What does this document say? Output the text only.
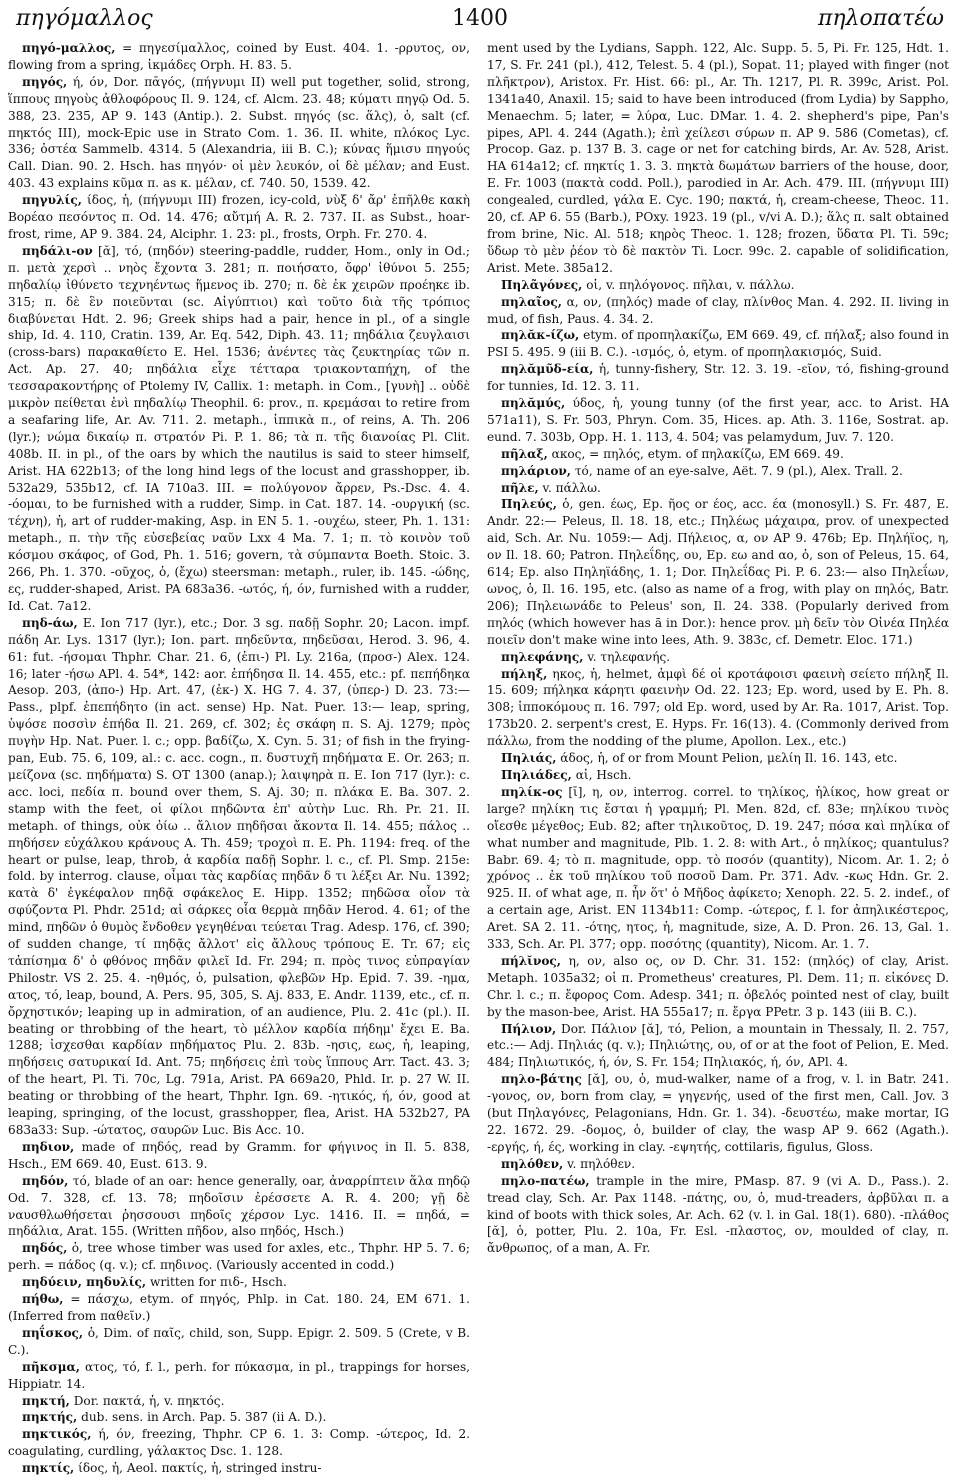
πηγόμαλλος	1400	πηλοπατέω

πηγό-μαλλος, = πηγεσίμαλλος, coined by Eust. 404. 1. -ρρυτος, ον, flowing from a spring, ἰκμάδες Orph. H. 83. 5.

πηγός, ή, όν, Dor. πᾱγός, (πήγνυμι II) well put together, solid, strong, ἵππους πηγοὺς ἀθλοφόρους Il. 9. 124, cf. Alcm. 23. 48; κύματι πηγῷ Od. 5. 388, 23. 235, AP 9. 143 (Antip.). 2. Subst. πηγός (sc. ἅλς), ὁ, salt (cf. πηκτός III), mock-Epic use in Strato Com. 1. 36. II. white, πλόκος Lyc. 336; ὀστέα Sammelb. 4314. 5 (Alexandria, iii B. C.); κύνας ἥμισυ πηγούς Call. Dian. 90. 2. Hsch. has πηγόν· οἱ μὲν λευκόν, οἱ δὲ μέλαν; and Eust. 403. 43 explains κῦμα π. as κ. μέλαν, cf. 740. 50, 1539. 42.

πηγυλίς, ίδος, ἡ, (πήγνυμι III) frozen, icy-cold, νὺξ δ' ἄρ' ἐπῆλθε κακὴ Βορέαο πεσόντος π. Od. 14. 476; αὔτμή A. R. 2. 737. II. as Subst., hoar-frost, rime, AP 9. 384. 24, Alciphr. 1. 23: pl., frosts, Orph. Fr. 270. 4.

πηδάλι-ον [ᾰ], τό, (πηδόν) steering-paddle, rudder, Hom., only in Od.; π. μετὰ χερσὶ .. νηὸς ἔχοντα 3. 281; π. ποιήσατο, ὄφρ' ἰθύνοι 5. 255; πηδαλίῳ ἰθύνετο τεχνηέντως ἥμενος ib. 270; π. δὲ ἐκ χειρῶν προέηκε ib. 315; π. δὲ ἓν ποιεῦνται (sc. Αἰγύπτιοι) καὶ τοῦτο διὰ τῆς τρόπιος διαβύνεται Hdt. 2. 96; Greek ships had a pair, hence in pl., of a single ship, Id. 4. 110, Cratin. 139, Ar. Eq. 542, Diph. 43. 11; πηδάλια ζευγλαισι (cross-bars) παρακαθίετο E. Hel. 1536; ἀνέντες τὰς ζευκτηρίας τῶν π. Act. Ap. 27. 40; πηδάλια εἶχε τέτταρα τριακονταπήχη, of the τεσσαρακοντήρης of Ptolemy IV, Callix. 1: metaph. in Com., [γυνὴ] .. οὐδὲ μικρὸν πείθεται ἑνὶ πηδαλίῳ Theophil. 6: prov., π. κρεμάσαι to retire from a seafaring life, Ar. Av. 711. 2. metaph., ἱππικὰ π., of reins, A. Th. 206 (lyr.); νώμα δικαίῳ π. στρατόν Pi. P. 1. 86; τὰ π. τῆς διανοίας Pl. Clit. 408b. II. in pl., of the oars by which the nautilus is said to steer himself, Arist. HA 622b13; of the long hind legs of the locust and grasshopper, ib. 532a29, 535b12, cf. IA 710a3. III. = πολύγονον ἄρρεν, Ps.-Dsc. 4. 4. -όομαι, to be furnished with a rudder, Simp. in Cat. 187. 14. -ουργική (sc. τέχνη), ἡ, art of rudder-making, Asp. in EN 5. 1. -ουχέω, steer, Ph. 1. 131: metaph., π. τὴν τῆς εὐσεβείας ναῦν Lxx 4 Ma. 7. 1; π. τὸ κοινὸν τοῦ κόσμου σκάφος, of God, Ph. 1. 516; govern, τὰ σύμπαντα Boeth. Stoic. 3. 266, Ph. 1. 370. -οῦχος, ὁ, (ἔχω) steersman: metaph., ruler, ib. 145. -ώδης, ες, rudder-shaped, Arist. PA 683a36. -ωτός, ή, όν, furnished with a rudder, Id. Cat. 7a12.

πηδ-άω, E. Ion 717 (lyr.), etc.; Dor. 3 sg. παδῇ Sophr. 20; Lacon. impf. πάδη Ar. Lys. 1317 (lyr.); Ion. part. πηδεῦντα, πηδεῦσαι, Herod. 3. 96, 4. 61: fut. -ήσομαι Thphr. Char. 21. 6, (ἐπι-) Pl. Ly. 216a, (προσ-) Alex. 124. 16; later -ήσω APl. 4. 54*, 142: aor. ἐπήδησα Il. 14. 455, etc.: pf. πεπήδηκα Aesop. 203, (ἀπο-) Hp. Art. 47, (ἐκ-) X. HG 7. 4. 37, (ὑπερ-) D. 23. 73:— Pass., plpf. ἐπεπήδητο (in act. sense) Hp. Nat. Puer. 13:— leap, spring, ὑψόσε ποσσὶν ἐπήδα Il. 21. 269, cf. 302; ἐς σκάφη π. S. Aj. 1279; πρὸς πυγὴν Hp. Nat. Puer. l. c.; opp. βαδίζω, X. Cyn. 5. 31; of fish in the frying-pan, Eub. 75. 6, 109, al.: c. acc. cogn., π. δυστυχῆ πηδήματα E. Or. 263; π. μείζονα (sc. πηδήματα) S. OT 1300 (anap.); λαιψηρὰ π. E. Ion 717 (lyr.): c. acc. loci, πεδία π. bound over them, S. Aj. 30; π. πλάκα E. Ba. 307. 2. stamp with the feet, οἱ φίλοι πηδῶντα ἐπ' αὐτὴν Luc. Rh. Pr. 21. II. metaph. of things, οὐκ ὀίω .. ἄλιον πηδῆσαι ἄκοντα Il. 14. 455; πάλος .. πηδήσεν εὐχάλκου κράνους A. Th. 459; τροχοὶ π. E. Ph. 1194: freq. of the heart or pulse, leap, throb, ἁ καρδία παδῇ Sophr. l. c., cf. Pl. Smp. 215e: fold. by interrog. clause, οἶμαι τὰς καρδίας πηδᾶν δ τι λέξει Ar. Nu. 1392; κατὰ δ' ἐγκέφαλον πηδᾷ σφάκελος E. Hipp. 1352; πηδῶσα οἷον τὰ σφύζοντα Pl. Phdr. 251d; αἱ σάρκες οἷα θερμὰ πηδᾶν Herod. 4. 61; of the mind, πηδῶν ὁ θυμὸς ἔνδοθεν γεγηθέναι τεύεται Trag. Adesp. 176, cf. 390; of sudden change, τί πηδᾷς ἄλλοτ' εἰς ἄλλους τρόπους E. Tr. 67; εἰς τἀπίσημα δ' ὁ φθόνος πηδᾶν φιλεῖ Id. Fr. 294; π. πρὸς τινος εὐπραγίαν Philostr. VS 2. 25. 4. -ηθμός, ὁ, pulsation, φλεβῶν Hp. Epid. 7. 39. -ημα, ατος, τό, leap, bound, A. Pers. 95, 305, S. Aj. 833, E. Andr. 1139, etc., cf. π. ὄρχηστικόν; leaping up in admiration, of an audience, Plu. 2. 41c (pl.). II. beating or throbbing of the heart, τὸ μέλλον καρδία πήδημ' ἔχει E. Ba. 1288; ἰσχεσθαι καρδίαν πηδήματος Plu. 2. 83b. -ησις, εως, ἡ, leaping, πηδήσεις σατυρικαί Id. Ant. 75; πηδήσεις ἐπὶ τοὺς ἵππους Arr. Tact. 43. 3; of the heart, Pl. Ti. 70c, Lg. 791a, Arist. PA 669a20, Phld. Ir. p. 27 W. II. beating or throbbing of the heart, Thphr. Ign. 69. -ητικός, ή, όν, good at leaping, springing, of the locust, grasshopper, flea, Arist. HA 532b27, PA 683a33: Sup. -ώτατος, σαυρῶν Luc. Bis Acc. 10.

πηδιον, made of πηδός, read by Gramm. for φήγινος in Il. 5. 838, Hsch., EM 669. 40, Eust. 613. 9.

πηδόν, τό, blade of an oar: hence generally, oar, ἀναρρίπτειν ἅλα πηδῷ Od. 7. 328, cf. 13. 78; πηδοῖσιν ἐρέσσετε A. R. 4. 200; γῇ δὲ ναυσθλωθήσεται ῥησσουσι πηδοῖς χέρσον Lyc. 1416. II. = πηδά, = πηδάλια, Arat. 155. (Written πῆδον, also πηδός, Hsch.)

πηδός, ὁ, tree whose timber was used for axles, etc., Thphr. HP 5. 7. 6; perh. = πάδος (q. v.); cf. πηδινος. (Variously accented in codd.)

πηδύειν, πηδυλίς, written for πιδ-, Hsch.

πήθω, = πάσχω, etym. of πηγός, Phlp. in Cat. 180. 24, EM 671. 1. (Inferred from παθεῖν.)

πηΐσκος, ὁ, Dim. of παῖς, child, son, Supp. Epigr. 2. 509. 5 (Crete, v B. C.).

πῆκσμα, ατος, τό, f. l., perh. for πύκασμα, in pl., trappings for horses, Hippiatr. 14.

πηκτή, Dor. πακτά, ἡ, v. πηκτός.

πηκτής, dub. sens. in Arch. Pap. 5. 387 (ii A. D.).

πηκτικός, ή, όν, freezing, Thphr. CP 6. 1. 3: Comp. -ώτερος, Id. 2. coagulating, curdling, γάλακτος Dsc. 1. 128.

πηκτίς, ίδος, ἡ, Aeol. πακτίς, ἡ, stringed instru-

ment used by the Lydians, Sapph. 122, Alc. Supp. 5. 5, Pi. Fr. 125, Hdt. 1. 17, S. Fr. 241 (pl.), 412, Telest. 5. 4 (pl.), Sopat. 11; played with finger (not πλῆκτρον), Aristox. Fr. Hist. 66: pl., Ar. Th. 1217, Pl. R. 399c, Arist. Pol. 1341a40, Anaxil. 15; said to have been introduced (from Lydia) by Sappho, Menaechm. 5; later, = λύρα, Luc. DMar. 1. 4. 2. shepherd's pipe, Pan's pipes, APl. 4. 244 (Agath.); ἐπὶ χείλεσι σύρων π. AP 9. 586 (Cometas), cf. Procop. Gaz. p. 137 B. 3. cage or net for catching birds, Ar. Av. 528, Arist. HA 614a12; cf. πηκτίς 1. 3. 3. πηκτὰ δωμάτων barriers of the house, door, E. Fr. 1003 (πακτὰ codd. Poll.), parodied in Ar. Ach. 479. III. (πήγνυμι III) congealed, curdled, γάλα E. Cyc. 190; πακτά, ἡ, cream-cheese, Theoc. 11. 20, cf. AP 6. 55 (Barb.), POxy. 1923. 19 (pl., v/vi A. D.); ἅλς π. salt obtained from brine, Nic. Al. 518; κηρὸς Theoc. 1. 128; frozen, ὕδατα Pl. Ti. 59c; ὕδωρ τὸ μὲν ῥέον τὸ δὲ πακτὸν Ti. Locr. 99c. 2. capable of solidification, Arist. Mete. 385a12.

Πηλᾶγόνες, οἱ, v. πηλόγονος. πῆλαι, v. πάλλω.

πηλαῖος, α, ον, (πηλός) made of clay, πλίνθος Man. 4. 292. II. living in mud, of fish, Paus. 4. 34. 2.

πηλᾰκ-ίζω, etym. of προπηλακίζω, EM 669. 49, cf. πήλαξ; also found in PSI 5. 495. 9 (iii B. C.). -ισμός, ὁ, etym. of προπηλακισμός, Suid.

πηλᾰμῦδ-εία, ἡ, tunny-fishery, Str. 12. 3. 19. -εῖον, τό, fishing-ground for tunnies, Id. 12. 3. 11.

πηλᾰμύς, ύδος, ἡ, young tunny (of the first year, acc. to Arist. HA 571a11), S. Fr. 503, Phryn. Com. 35, Hices. ap. Ath. 3. 116e, Sostrat. ap. eund. 7. 303b, Opp. H. 1. 113, 4. 504; vas pelamydum, Juv. 7. 120.

πῆλαξ, ακος, = πηλός, etym. of πηλακίζω, EM 669. 49.

πηλάριον, τό, name of an eye-salve, Aët. 7. 9 (pl.), Alex. Trall. 2.

πῆλε, v. πάλλω.

Πηλεύς, ὁ, gen. έως, Ep. ῆος or έος, acc. έα (monosyll.) S. Fr. 487, E. Andr. 22:— Peleus, Il. 18. 18, etc.; Πηλέως μάχαιρα, prov. of unexpected aid, Sch. Ar. Nu. 1059:— Adj. Πήλειος, α, ον AP 9. 476b; Ep. Πηλήϊος, η, ον Il. 18. 60; Patron. Πηλεΐδης, ου, Ep. εω and αο, ὁ, son of Peleus, 15. 64, 614; Ep. also Πηληϊάδης, 1. 1; Dor. Πηλεΐδας Pi. P. 6. 23:— also Πηλεΐων, ωνος, ὁ, Il. 16. 195, etc. (also as name of a frog, with play on πηλός, Batr. 206); Πηλειωνάδε to Peleus' son, Il. 24. 338. (Popularly derived from πηλός (which however has ā in Dor.): hence prov. μὴ δεῖν τὸν Οἰνέα Πηλέα ποιεῖν don't make wine into lees, Ath. 9. 383c, cf. Demetr. Eloc. 171.)

πηλεφάνης, v. τηλεφανής.

πήληξ, ηκος, ἡ, helmet, ἀμφὶ δέ οἱ κροτάφοισι φαεινὴ σείετο πήληξ Il. 15. 609; πήληκα κάρητι φαεινὴν Od. 22. 123; Ep. word, used by E. Ph. 8. 308; ἱπποκόμους π. 16. 797; old Ep. word, used by Ar. Ra. 1017, Arist. Top. 173b20. 2. serpent's crest, E. Hyps. Fr. 16(13). 4. (Commonly derived from πάλλω, from the nodding of the plume, Apollon. Lex., etc.)

Πηλιάς, άδος, ἡ, of or from Mount Pelion, μελίη Il. 16. 143, etc.

Πηλιάδες, αἱ, Hsch.

πηλίκ-ος [ῑ], η, ον, interrog. correl. to τηλίκος, ἡλίκος, how great or large? πηλίκη τις ἔσται ἡ γραμμή; Pl. Men. 82d, cf. 83e; πηλίκου τινὸς οἴεσθε μέγεθος; Eub. 82; after τηλικοῦτος, D. 19. 247; πόσα καὶ πηλίκα of what number and magnitude, Plb. 1. 2. 8: with Art., ὁ πηλίκος; quantulus? Babr. 69. 4; τὸ π. magnitude, opp. τὸ ποσόν (quantity), Nicom. Ar. 1. 2; ὁ χρόνος .. ἐκ τοῦ πηλίκου τοῦ ποσοῦ Dam. Pr. 371. Adv. -κως Hdn. Gr. 2. 925. II. of what age, π. ἦν ὅτ' ὁ Μῆδος ἀφίκετο; Xenoph. 22. 5. 2. indef., of a certain age, Arist. EN 1134b11: Comp. -ώτερος, f. l. for ἀπηλικέστερος, Aret. SA 2. 11. -ότης, ητος, ἡ, magnitude, size, A. D. Pron. 26. 13, Gal. 1. 333, Sch. Ar. Pl. 377; opp. ποσότης (quantity), Nicom. Ar. 1. 7.

πήλῐνος, η, ον, also ος, ον D. Chr. 31. 152: (πηλός) of clay, Arist. Metaph. 1035a32; οἱ π. Prometheus' creatures, Pl. Dem. 11; π. εἰκόνες D. Chr. l. c.; π. ἔφορος Com. Adesp. 341; π. ὁβελός pointed nest of clay, built by the mason-bee, Arist. HA 555a17; π. ἔργα PPetr. 3 p. 143 (iii B. C.).

Πήλιον, Dor. Πάλιον [ᾰ], τό, Pelion, a mountain in Thessaly, Il. 2. 757, etc.:— Adj. Πηλιάς (q. v.); Πηλιώτης, ου, of or at the foot of Pelion, E. Med. 484; Πηλιωτικός, ή, όν, S. Fr. 154; Πηλιακός, ή, όν, APl. 4.

πηλο-βάτης [ᾰ], ου, ὁ, mud-walker, name of a frog, v. l. in Batr. 241. -γονος, ον, born from clay, = γηγενής, used of the first men, Call. Jov. 3 (but Πηλαγόνες, Pelagonians, Hdn. Gr. 1. 34). -δευστέω, make mortar, IG 22. 1672. 29. -δομος, ὁ, builder of clay, the wasp AP 9. 662 (Agath.). -εργής, ή, ές, working in clay. -εψητής, cottilaris, figulus, Gloss.

πηλόθεν, v. πηλόθεν.

πηλο-πατέω, trample in the mire, PMasp. 87. 9 (vi A. D., Pass.). 2. tread clay, Sch. Ar. Pax 1148. -πάτης, ου, ὁ, mud-treaders, ἀρβῦλαι π. a kind of boots with thick soles, Ar. Ach. 62 (v. l. in Gal. 18(1). 680). -πλάθος [ᾰ], ὁ, potter, Plu. 2. 10a, Fr. Esl. -πλαστος, ον, moulded of clay, π. ἄνθρωπος, of a man, A. Fr.
